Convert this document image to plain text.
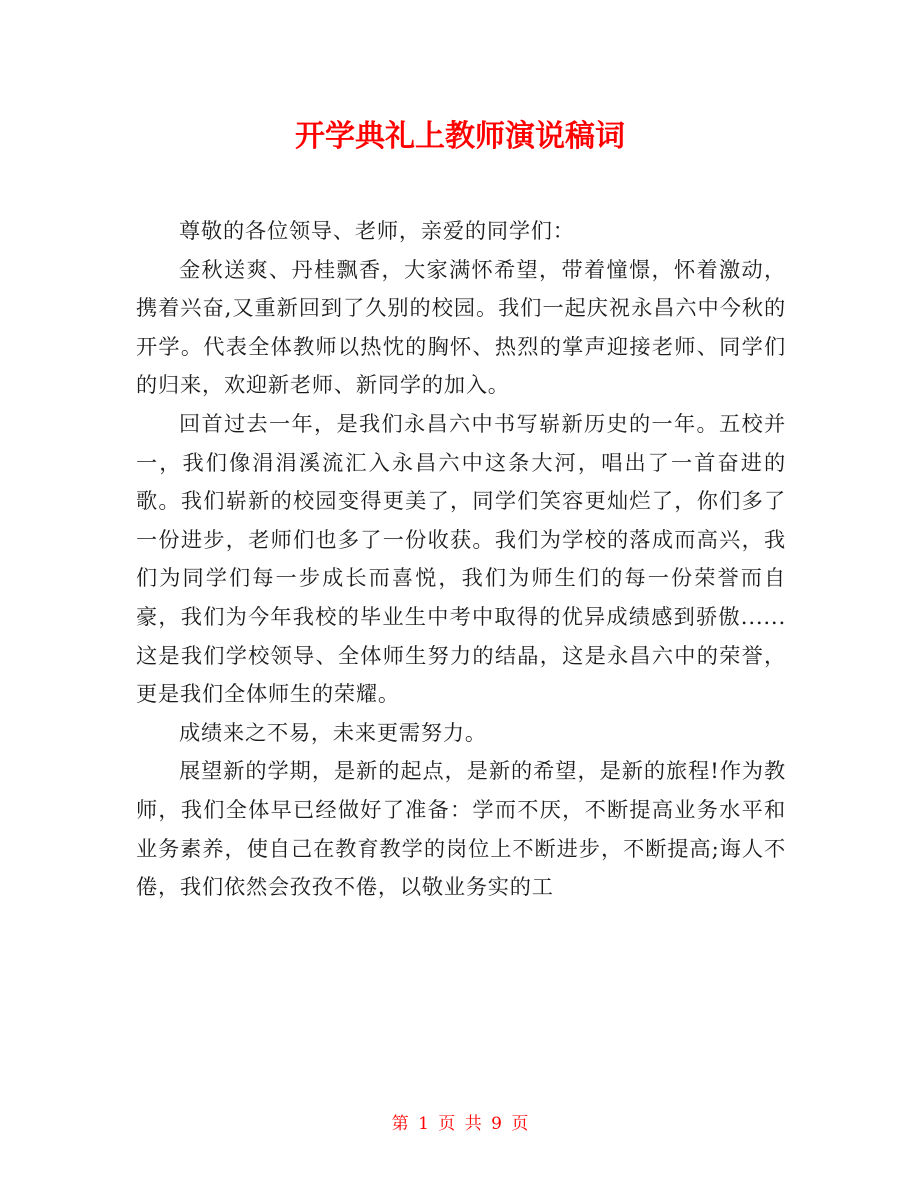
开学典礼上教师演说稿词

尊敬的各位领导、老师，亲爱的同学们：

金秋送爽、丹桂飘香，大家满怀希望，带着憧憬，怀着激动，携着兴奋,又重新回到了久别的校园。我们一起庆祝永昌六中今秋的开学。代表全体教师以热忱的胸怀、热烈的掌声迎接老师、同学们的归来，欢迎新老师、新同学的加入。

回首过去一年，是我们永昌六中书写崭新历史的一年。五校并一，我们像涓涓溪流汇入永昌六中这条大河，唱出了一首奋进的歌。我们崭新的校园变得更美了，同学们笑容更灿烂了，你们多了一份进步，老师们也多了一份收获。我们为学校的落成而高兴，我们为同学们每一步成长而喜悦，我们为师生们的每一份荣誉而自豪，我们为今年我校的毕业生中考中取得的优异成绩感到骄傲......这是我们学校领导、全体师生努力的结晶，这是永昌六中的荣誉，更是我们全体师生的荣耀。

成绩来之不易，未来更需努力。

展望新的学期，是新的起点，是新的希望，是新的旅程!作为教师，我们全体早已经做好了准备：学而不厌，不断提高业务水平和业务素养，使自己在教育教学的岗位上不断进步，不断提高;诲人不倦，我们依然会孜孜不倦，以敬业务实的工

第 1 页 共 9 页
